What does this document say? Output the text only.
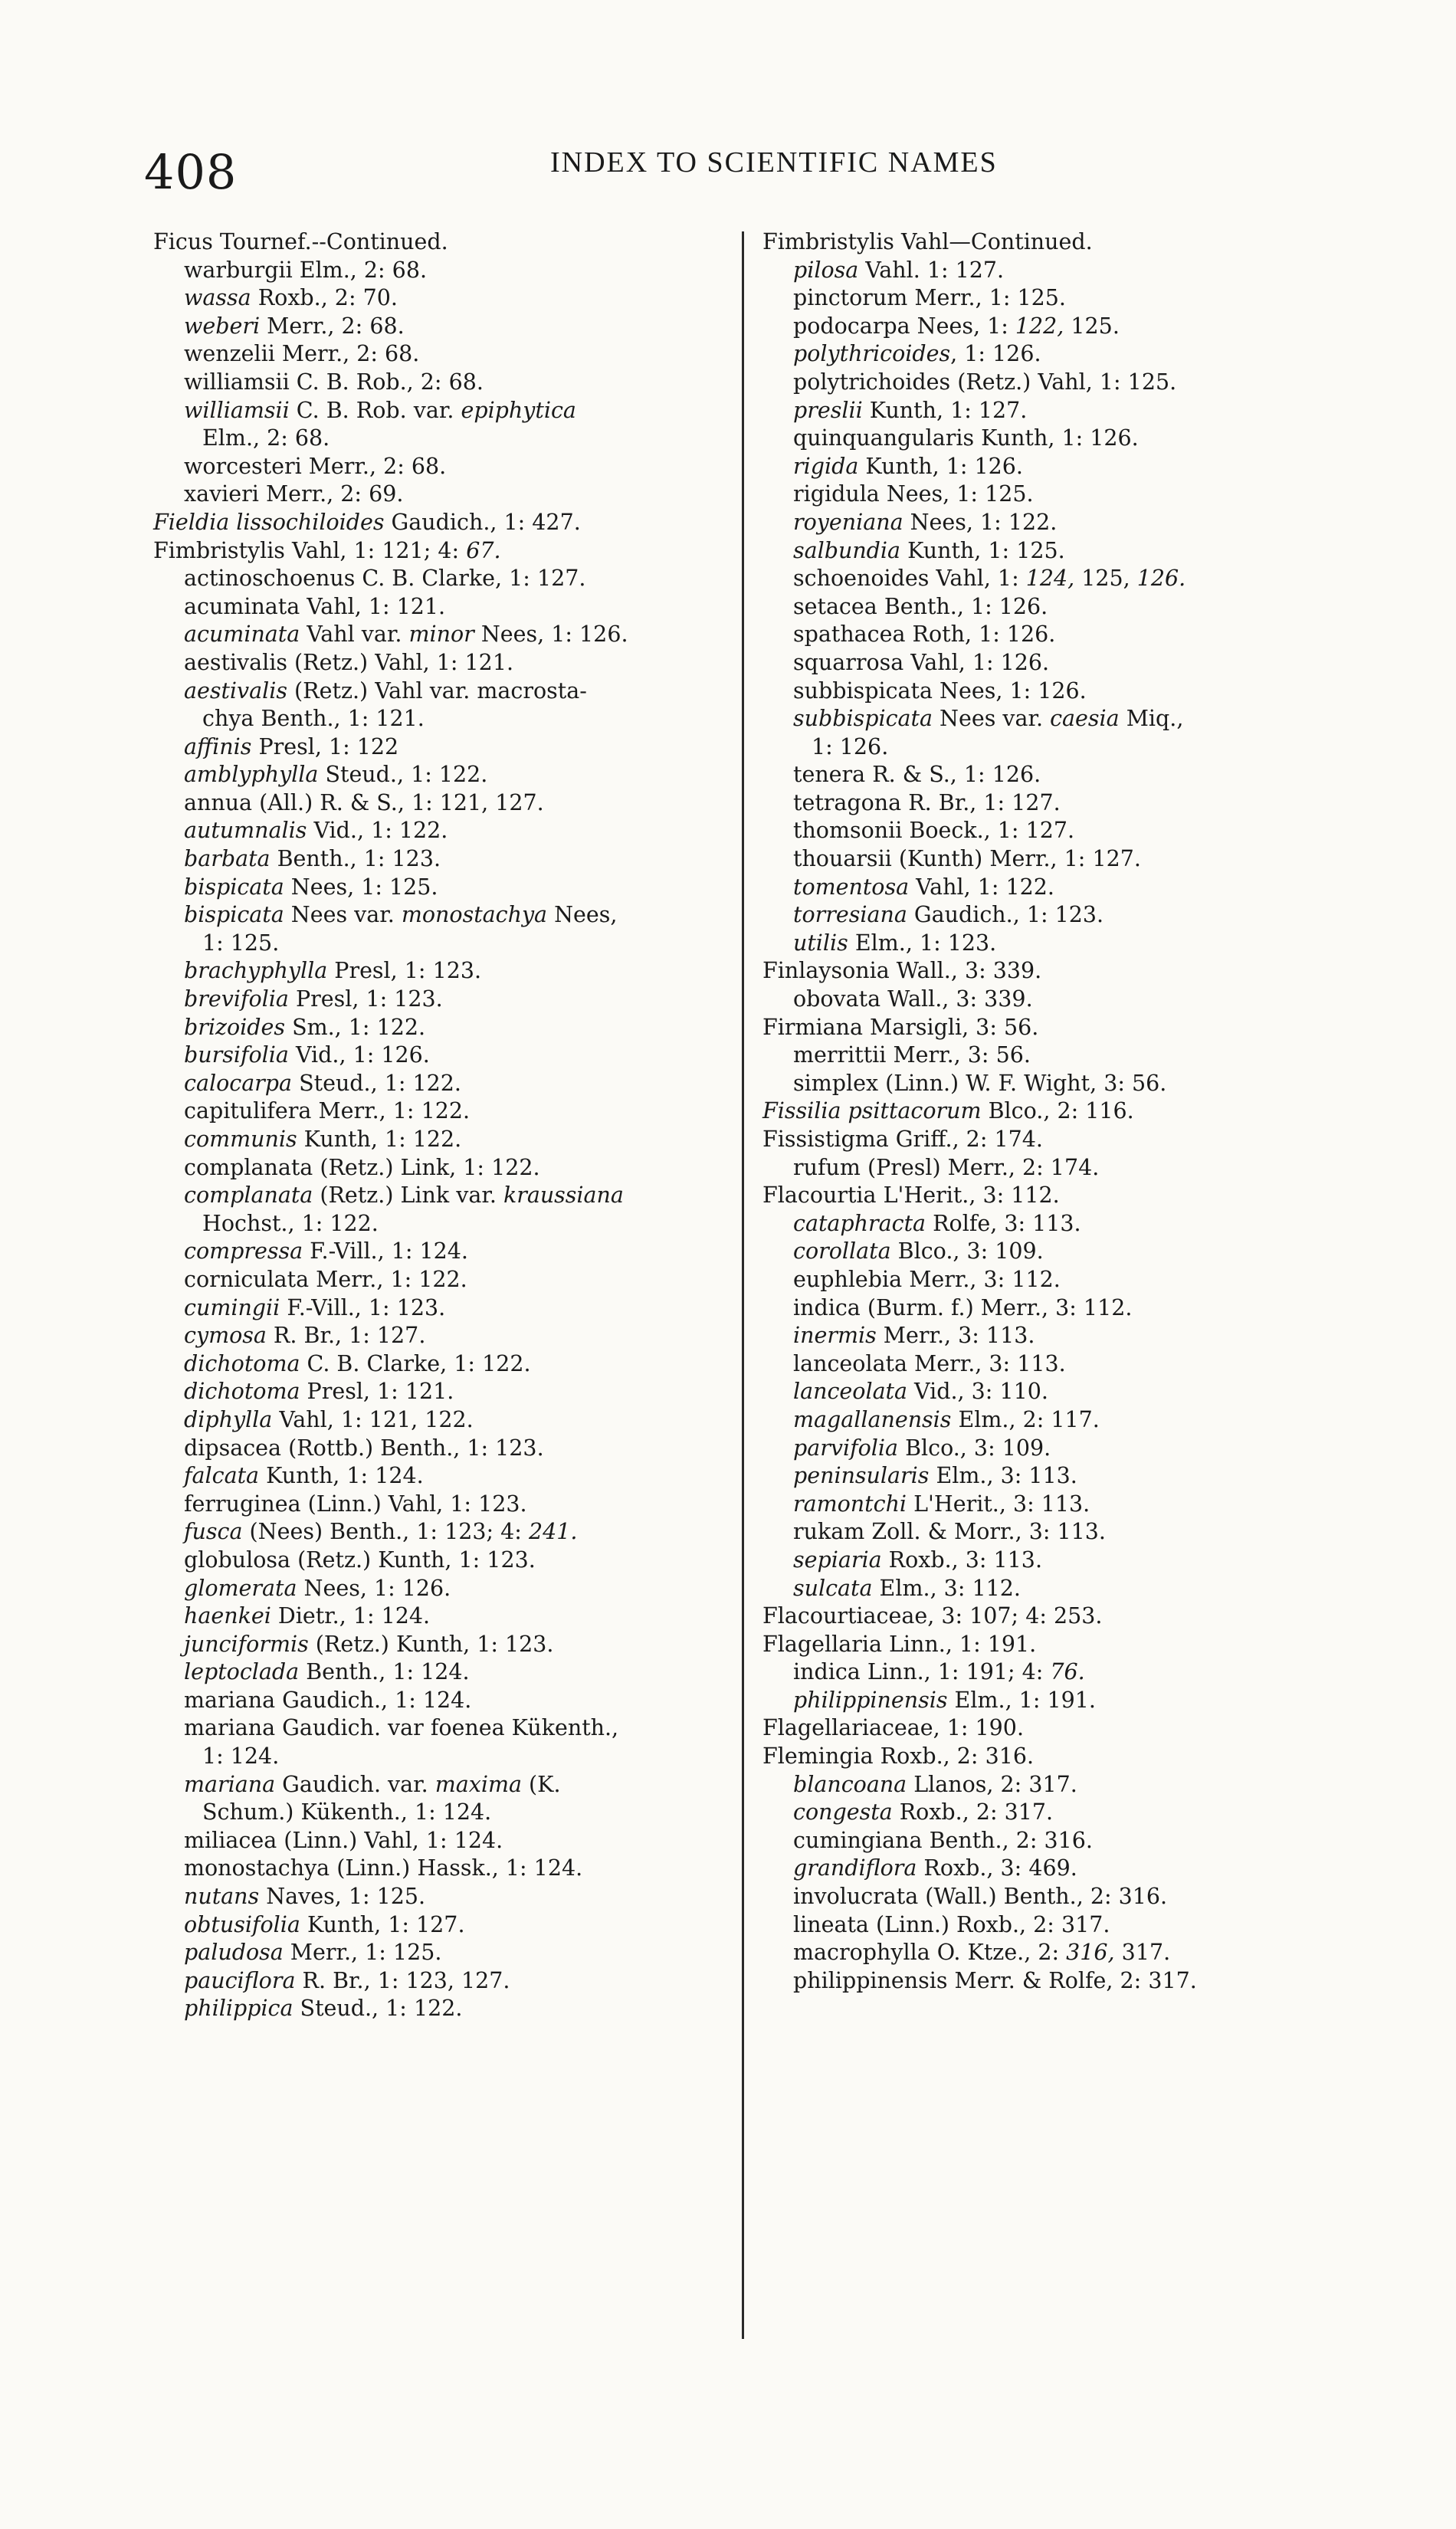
408	INDEX TO SCIENTIFIC NAMES
Ficus Tournef.--Continued.
warburgii Elm., 2: 68.
wassa Roxb., 2: 70.
weberi Merr., 2: 68.
wenzelii Merr., 2: 68.
williamsii C. B. Rob., 2: 68.
williamsii C. B. Rob. var. epiphytica
Elm., 2: 68.
worcesteri Merr., 2: 68.
xavieri Merr., 2: 69.
Fieldia lissochiloides Gaudich., 1: 427.
Fimbristylis Vahl, 1: 121; 4: 67.
actinoschoenus C. B. Clarke, 1: 127.
acuminata Vahl, 1: 121.
acuminata Vahl var. minor Nees, 1: 126.
aestivalis (Retz.) Vahl, 1: 121.
aestivalis (Retz.) Vahl var. macrosta-
chya Benth., 1: 121.
affinis Presl, 1: 122
amblyphylla Steud., 1: 122.
annua (All.) R. & S., 1: 121, 127.
autumnalis Vid., 1: 122.
barbata Benth., 1: 123.
bispicata Nees, 1: 125.
bispicata Nees var. monostachya Nees,
1: 125.
brachyphylla Presl, 1: 123.
brevifolia Presl, 1: 123.
brizoides Sm., 1: 122.
bursifolia Vid., 1: 126.
calocarpa Steud., 1: 122.
capitulifera Merr., 1: 122.
communis Kunth, 1: 122.
complanata (Retz.) Link, 1: 122.
complanata (Retz.) Link var. kraussiana
Hochst., 1: 122.
compressa F.-Vill., 1: 124.
corniculata Merr., 1: 122.
cumingii F.-Vill., 1: 123.
cymosa R. Br., 1: 127.
dichotoma C. B. Clarke, 1: 122.
dichotoma Presl, 1: 121.
diphylla Vahl, 1: 121, 122.
dipsacea (Rottb.) Benth., 1: 123.
falcata Kunth, 1: 124.
ferruginea (Linn.) Vahl, 1: 123.
fusca (Nees) Benth., 1: 123; 4: 241.
globulosa (Retz.) Kunth, 1: 123.
glomerata Nees, 1: 126.
haenkei Dietr., 1: 124.
junciformis (Retz.) Kunth, 1: 123.
leptoclada Benth., 1: 124.
mariana Gaudich., 1: 124.
mariana Gaudich. var foenea Kükenth.,
1: 124.
mariana Gaudich. var. maxima (K.
Schum.) Kükenth., 1: 124.
miliacea (Linn.) Vahl, 1: 124.
monostachya (Linn.) Hassk., 1: 124.
nutans Naves, 1: 125.
obtusifolia Kunth, 1: 127.
paludosa Merr., 1: 125.
pauciflora R. Br., 1: 123, 127.
philippica Steud., 1: 122.
Fimbristylis Vahl—Continued.
pilosa Vahl. 1: 127.
pinctorum Merr., 1: 125.
podocarpa Nees, 1: 122, 125.
polythricoides, 1: 126.
polytrichoides (Retz.) Vahl, 1: 125.
preslii Kunth, 1: 127.
quinquangularis Kunth, 1: 126.
rigida Kunth, 1: 126.
rigidula Nees, 1: 125.
royeniana Nees, 1: 122.
salbundia Kunth, 1: 125.
schoenoides Vahl, 1: 124, 125, 126.
setacea Benth., 1: 126.
spathacea Roth, 1: 126.
squarrosa Vahl, 1: 126.
subbispicata Nees, 1: 126.
subbispicata Nees var. caesia Miq.,
1: 126.
tenera R. & S., 1: 126.
tetragona R. Br., 1: 127.
thomsonii Boeck., 1: 127.
thouarsii (Kunth) Merr., 1: 127.
tomentosa Vahl, 1: 122.
torresiana Gaudich., 1: 123.
utilis Elm., 1: 123.
Finlaysonia Wall., 3: 339.
obovata Wall., 3: 339.
Firmiana Marsigli, 3: 56.
merrittii Merr., 3: 56.
simplex (Linn.) W. F. Wight, 3: 56.
Fissilia psittacorum Blco., 2: 116.
Fissistigma Griff., 2: 174.
rufum (Presl) Merr., 2: 174.
Flacourtia L'Herit., 3: 112.
cataphracta Rolfe, 3: 113.
corollata Blco., 3: 109.
euphlebia Merr., 3: 112.
indica (Burm. f.) Merr., 3: 112.
inermis Merr., 3: 113.
lanceolata Merr., 3: 113.
lanceolata Vid., 3: 110.
magallanensis Elm., 2: 117.
parvifolia Blco., 3: 109.
peninsularis Elm., 3: 113.
ramontchi L'Herit., 3: 113.
rukam Zoll. & Morr., 3: 113.
sepiaria Roxb., 3: 113.
sulcata Elm., 3: 112.
Flacourtiaceae, 3: 107; 4: 253.
Flagellaria Linn., 1: 191.
indica Linn., 1: 191; 4: 76.
philippinensis Elm., 1: 191.
Flagellariaceae, 1: 190.
Flemingia Roxb., 2: 316.
blancoana Llanos, 2: 317.
congesta Roxb., 2: 317.
cumingiana Benth., 2: 316.
grandiflora Roxb., 3: 469.
involucrata (Wall.) Benth., 2: 316.
lineata (Linn.) Roxb., 2: 317.
macrophylla O. Ktze., 2: 316, 317.
philippinensis Merr. & Rolfe, 2: 317.
